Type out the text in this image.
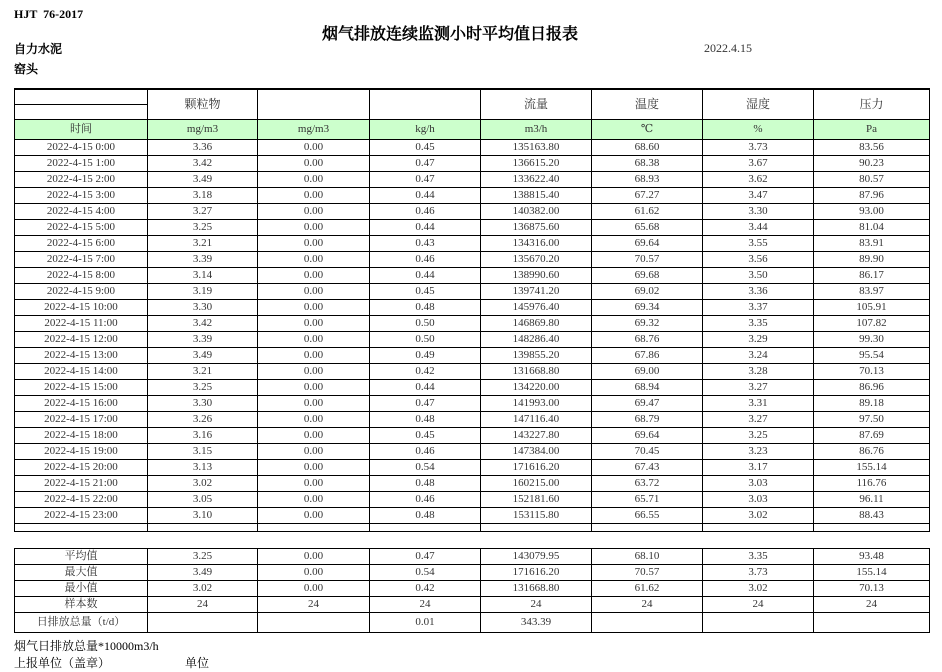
HJT  76-2017
烟气排放连续监测小时平均值日报表
2022.4.15
自力水泥
窑头
	颗粒物			流量	温度	湿度	压力
时间	mg/m3	mg/m3	kg/h	m3/h	℃	%	Pa
2022-4-15 0:00	3.36	0.00	0.45	135163.80	68.60	3.73	83.56
2022-4-15 1:00	3.42	0.00	0.47	136615.20	68.38	3.67	90.23
2022-4-15 2:00	3.49	0.00	0.47	133622.40	68.93	3.62	80.57
2022-4-15 3:00	3.18	0.00	0.44	138815.40	67.27	3.47	87.96
2022-4-15 4:00	3.27	0.00	0.46	140382.00	61.62	3.30	93.00
2022-4-15 5:00	3.25	0.00	0.44	136875.60	65.68	3.44	81.04
2022-4-15 6:00	3.21	0.00	0.43	134316.00	69.64	3.55	83.91
2022-4-15 7:00	3.39	0.00	0.46	135670.20	70.57	3.56	89.90
2022-4-15 8:00	3.14	0.00	0.44	138990.60	69.68	3.50	86.17
2022-4-15 9:00	3.19	0.00	0.45	139741.20	69.02	3.36	83.97
2022-4-15 10:00	3.30	0.00	0.48	145976.40	69.34	3.37	105.91
2022-4-15 11:00	3.42	0.00	0.50	146869.80	69.32	3.35	107.82
2022-4-15 12:00	3.39	0.00	0.50	148286.40	68.76	3.29	99.30
2022-4-15 13:00	3.49	0.00	0.49	139855.20	67.86	3.24	95.54
2022-4-15 14:00	3.21	0.00	0.42	131668.80	69.00	3.28	70.13
2022-4-15 15:00	3.25	0.00	0.44	134220.00	68.94	3.27	86.96
2022-4-15 16:00	3.30	0.00	0.47	141993.00	69.47	3.31	89.18
2022-4-15 17:00	3.26	0.00	0.48	147116.40	68.79	3.27	97.50
2022-4-15 18:00	3.16	0.00	0.45	143227.80	69.64	3.25	87.69
2022-4-15 19:00	3.15	0.00	0.46	147384.00	70.45	3.23	86.76
2022-4-15 20:00	3.13	0.00	0.54	171616.20	67.43	3.17	155.14
2022-4-15 21:00	3.02	0.00	0.48	160215.00	63.72	3.03	116.76
2022-4-15 22:00	3.05	0.00	0.46	152181.60	65.71	3.03	96.11
2022-4-15 23:00	3.10	0.00	0.48	153115.80	66.55	3.02	88.43

平均值	3.25	0.00	0.47	143079.95	68.10	3.35	93.48
最大值	3.49	0.00	0.54	171616.20	70.57	3.73	155.14
最小值	3.02	0.00	0.42	131668.80	61.62	3.02	70.13
样本数	24	24	24	24	24	24	24
日排放总量（t/d）			0.01	343.39			
烟气日排放总量*10000m3/h
上报单位（盖章）	单位
